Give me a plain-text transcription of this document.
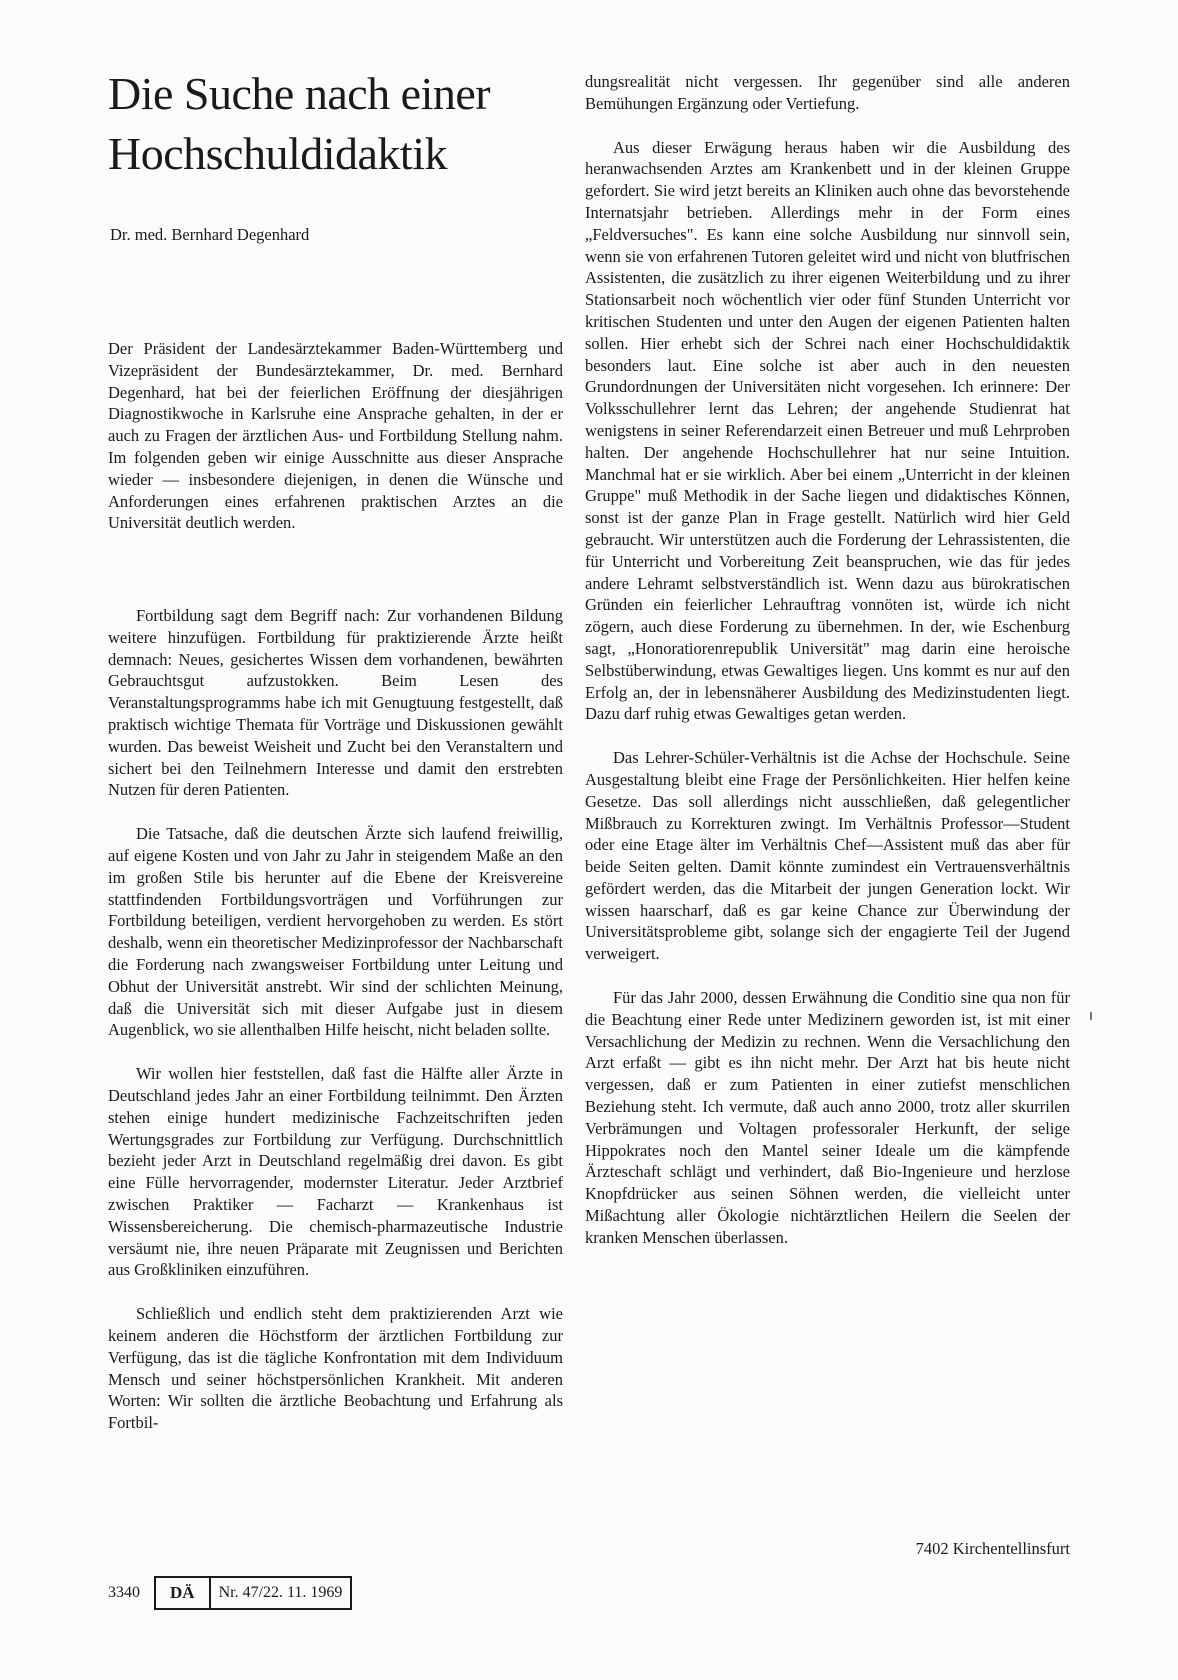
Die Suche nach einer
Hochschuldidaktik
Dr. med. Bernhard Degenhard

Der Präsident der Landesärztekammer Baden-Württemberg und Vizepräsident der Bundesärztekammer, Dr. med. Bernhard Degenhard, hat bei der feierlichen Eröffnung der diesjährigen Diagnostikwoche in Karlsruhe eine Ansprache gehalten, in der er auch zu Fragen der ärztlichen Aus- und Fortbildung Stellung nahm. Im folgenden geben wir einige Ausschnitte aus dieser Ansprache wieder — insbesondere diejenigen, in denen die Wünsche und Anforderungen eines erfahrenen praktischen Arztes an die Universität deutlich werden.

Fortbildung sagt dem Begriff nach: Zur vorhandenen Bildung weitere hinzufügen. Fortbildung für praktizierende Ärzte heißt demnach: Neues, gesichertes Wissen dem vorhandenen, bewährten Gebrauchtsgut aufzustokken. Beim Lesen des Veranstaltungsprogramms habe ich mit Genugtuung festgestellt, daß praktisch wichtige Themata für Vorträge und Diskussionen gewählt wurden. Das beweist Weisheit und Zucht bei den Veranstaltern und sichert bei den Teilnehmern Interesse und damit den erstrebten Nutzen für deren Patienten.

Die Tatsache, daß die deutschen Ärzte sich laufend freiwillig, auf eigene Kosten und von Jahr zu Jahr in steigendem Maße an den im großen Stile bis herunter auf die Ebene der Kreisvereine stattfindenden Fortbildungsvorträgen und Vorführungen zur Fortbildung beteiligen, verdient hervorgehoben zu werden. Es stört deshalb, wenn ein theoretischer Medizinprofessor der Nachbarschaft die Forderung nach zwangsweiser Fortbildung unter Leitung und Obhut der Universität anstrebt. Wir sind der schlichten Meinung, daß die Universität sich mit dieser Aufgabe just in diesem Augenblick, wo sie allenthalben Hilfe heischt, nicht beladen sollte.

Wir wollen hier feststellen, daß fast die Hälfte aller Ärzte in Deutschland jedes Jahr an einer Fortbildung teilnimmt. Den Ärzten stehen einige hundert medizinische Fachzeitschriften jeden Wertungsgrades zur Fortbildung zur Verfügung. Durchschnittlich bezieht jeder Arzt in Deutschland regelmäßig drei davon. Es gibt eine Fülle hervorragender, modernster Literatur. Jeder Arztbrief zwischen Praktiker — Facharzt — Krankenhaus ist Wissensbereicherung. Die chemisch-pharmazeutische Industrie versäumt nie, ihre neuen Präparate mit Zeugnissen und Berichten aus Großkliniken einzuführen.

Schließlich und endlich steht dem praktizierenden Arzt wie keinem anderen die Höchstform der ärztlichen Fortbildung zur Verfügung, das ist die tägliche Konfrontation mit dem Individuum Mensch und seiner höchstpersönlichen Krankheit. Mit anderen Worten: Wir sollten die ärztliche Beobachtung und Erfahrung als Fortbil-

dungsrealität nicht vergessen. Ihr gegenüber sind alle anderen Bemühungen Ergänzung oder Vertiefung.

Aus dieser Erwägung heraus haben wir die Ausbildung des heranwachsenden Arztes am Krankenbett und in der kleinen Gruppe gefordert. Sie wird jetzt bereits an Kliniken auch ohne das bevorstehende Internatsjahr betrieben. Allerdings mehr in der Form eines „Feldversuches". Es kann eine solche Ausbildung nur sinnvoll sein, wenn sie von erfahrenen Tutoren geleitet wird und nicht von blutfrischen Assistenten, die zusätzlich zu ihrer eigenen Weiterbildung und zu ihrer Stationsarbeit noch wöchentlich vier oder fünf Stunden Unterricht vor kritischen Studenten und unter den Augen der eigenen Patienten halten sollen. Hier erhebt sich der Schrei nach einer Hochschuldidaktik besonders laut. Eine solche ist aber auch in den neuesten Grundordnungen der Universitäten nicht vorgesehen. Ich erinnere: Der Volksschullehrer lernt das Lehren; der angehende Studienrat hat wenigstens in seiner Referendarzeit einen Betreuer und muß Lehrproben halten. Der angehende Hochschullehrer hat nur seine Intuition. Manchmal hat er sie wirklich. Aber bei einem „Unterricht in der kleinen Gruppe" muß Methodik in der Sache liegen und didaktisches Können, sonst ist der ganze Plan in Frage gestellt. Natürlich wird hier Geld gebraucht. Wir unterstützen auch die Forderung der Lehrassistenten, die für Unterricht und Vorbereitung Zeit beanspruchen, wie das für jedes andere Lehramt selbstverständlich ist. Wenn dazu aus bürokratischen Gründen ein feierlicher Lehrauftrag vonnöten ist, würde ich nicht zögern, auch diese Forderung zu übernehmen. In der, wie Eschenburg sagt, „Honoratiorenrepublik Universität" mag darin eine heroische Selbstüberwindung, etwas Gewaltiges liegen. Uns kommt es nur auf den Erfolg an, der in lebensnäherer Ausbildung des Medizinstudenten liegt. Dazu darf ruhig etwas Gewaltiges getan werden.

Das Lehrer-Schüler-Verhältnis ist die Achse der Hochschule. Seine Ausgestaltung bleibt eine Frage der Persönlichkeiten. Hier helfen keine Gesetze. Das soll allerdings nicht ausschließen, daß gelegentlicher Mißbrauch zu Korrekturen zwingt. Im Verhältnis Professor—Student oder eine Etage älter im Verhältnis Chef—Assistent muß das aber für beide Seiten gelten. Damit könnte zumindest ein Vertrauensverhältnis gefördert werden, das die Mitarbeit der jungen Generation lockt. Wir wissen haarscharf, daß es gar keine Chance zur Überwindung der Universitätsprobleme gibt, solange sich der engagierte Teil der Jugend verweigert.

Für das Jahr 2000, dessen Erwähnung die Conditio sine qua non für die Beachtung einer Rede unter Medizinern geworden ist, ist mit einer Versachlichung der Medizin zu rechnen. Wenn die Versachlichung den Arzt erfaßt — gibt es ihn nicht mehr. Der Arzt hat bis heute nicht vergessen, daß er zum Patienten in einer zutiefst menschlichen Beziehung steht. Ich vermute, daß auch anno 2000, trotz aller skurrilen Verbrämungen und Voltagen professoraler Herkunft, der selige Hippokrates noch den Mantel seiner Ideale um die kämpfende Ärzteschaft schlägt und verhindert, daß Bio-Ingenieure und herzlose Knopfdrücker aus seinen Söhnen werden, die vielleicht unter Mißachtung aller Ökologie nichtärztlichen Heilern die Seelen der kranken Menschen überlassen.

7402 Kirchentellinsfurt
3340	DÄ	Nr. 47/22. 11. 1969
